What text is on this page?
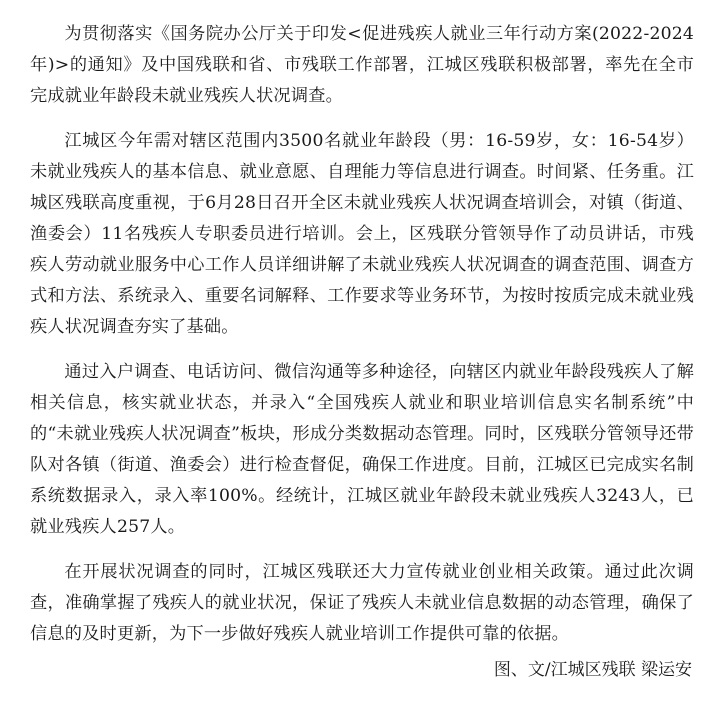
为贯彻落实《国务院办公厅关于印发<促进残疾人就业三年行动方案(2022-2024年)>的通知》及中国残联和省、市残联工作部署，江城区残联积极部署，率先在全市完成就业年龄段未就业残疾人状况调查。

江城区今年需对辖区范围内3500名就业年龄段（男：16-59岁，女：16-54岁）未就业残疾人的基本信息、就业意愿、自理能力等信息进行调查。时间紧、任务重。江城区残联高度重视，于6月28日召开全区未就业残疾人状况调查培训会，对镇（街道、渔委会）11名残疾人专职委员进行培训。会上，区残联分管领导作了动员讲话，市残疾人劳动就业服务中心工作人员详细讲解了未就业残疾人状况调查的调查范围、调查方式和方法、系统录入、重要名词解释、工作要求等业务环节，为按时按质完成未就业残疾人状况调查夯实了基础。

通过入户调查、电话访问、微信沟通等多种途径，向辖区内就业年龄段残疾人了解相关信息，核实就业状态，并录入“全国残疾人就业和职业培训信息实名制系统”中的“未就业残疾人状况调查”板块，形成分类数据动态管理。同时，区残联分管领导还带队对各镇（街道、渔委会）进行检查督促，确保工作进度。目前，江城区已完成实名制系统数据录入，录入率100%。经统计，江城区就业年龄段未就业残疾人3243人，已就业残疾人257人。

在开展状况调查的同时，江城区残联还大力宣传就业创业相关政策。通过此次调查，准确掌握了残疾人的就业状况，保证了残疾人未就业信息数据的动态管理，确保了信息的及时更新，为下一步做好残疾人就业培训工作提供可靠的依据。

图、文/江城区残联 梁运安
